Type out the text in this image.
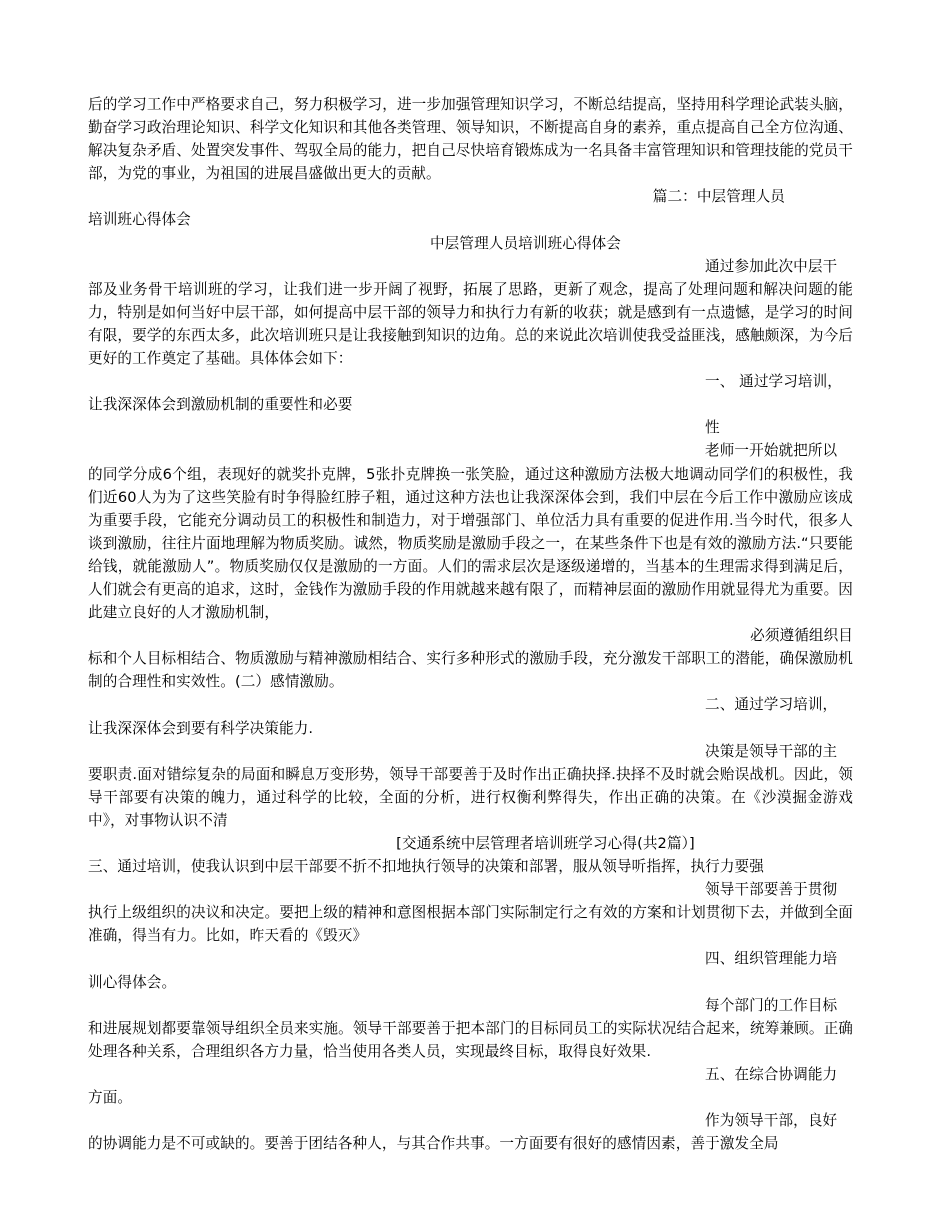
后的学习工作中严格要求自己，努力积极学习，进一步加强管理知识学习，不断总结提高，坚持用科学理论武装头脑，勤奋学习政治理论知识、科学文化知识和其他各类管理、领导知识，不断提高自身的素养，重点提高自己全方位沟通、解决复杂矛盾、处置突发事件、驾驭全局的能力，把自己尽快培育锻炼成为一名具备丰富管理知识和管理技能的党员干部，为党的事业，为祖国的进展昌盛做出更大的贡献。
篇二：中层管理人员
培训班心得体会
中层管理人员培训班心得体会
通过参加此次中层干
部及业务骨干培训班的学习，让我们进一步开阔了视野，拓展了思路，更新了观念，提高了处理问题和解决问题的能力，特别是如何当好中层干部，如何提高中层干部的领导力和执行力有新的收获；就是感到有一点遗憾，是学习的时间有限，要学的东西太多，此次培训班只是让我接触到知识的边角。总的来说此次培训使我受益匪浅，感触颇深，为今后更好的工作奠定了基础。具体体会如下：
一、 通过学习培训，
让我深深体会到激励机制的重要性和必要
性
老师一开始就把所以
的同学分成6个组，表现好的就奖扑克牌，5张扑克牌换一张笑脸，通过这种激励方法极大地调动同学们的积极性，我们近60人为为了这些笑脸有时争得脸红脖子粗，通过这种方法也让我深深体会到，我们中层在今后工作中激励应该成为重要手段，它能充分调动员工的积极性和制造力，对于增强部门、单位活力具有重要的促进作用.当今时代，很多人谈到激励，往往片面地理解为物质奖励。诚然，物质奖励是激励手段之一，在某些条件下也是有效的激励方法.“只要能给钱，就能激励人”。物质奖励仅仅是激励的一方面。人们的需求层次是逐级递增的，当基本的生理需求得到满足后，人们就会有更高的追求，这时，金钱作为激励手段的作用就越来越有限了，而精神层面的激励作用就显得尤为重要。因此建立良好的人才激励机制，
必须遵循组织目
标和个人目标相结合、物质激励与精神激励相结合、实行多种形式的激励手段，充分激发干部职工的潜能，确保激励机制的合理性和实效性。(二）感情激励。
二、通过学习培训，
让我深深体会到要有科学决策能力.
决策是领导干部的主
要职责.面对错综复杂的局面和瞬息万变形势，领导干部要善于及时作出正确抉择.抉择不及时就会贻误战机。因此，领导干部要有决策的魄力，通过科学的比较，全面的分析，进行权衡利弊得失，作出正确的决策。在《沙漠掘金游戏中》，对事物认识不清
[交通系统中层管理者培训班学习心得(共2篇）]
三、通过培训，使我认识到中层干部要不折不扣地执行领导的决策和部署，服从领导听指挥，执行力要强
领导干部要善于贯彻
执行上级组织的决议和决定。要把上级的精神和意图根据本部门实际制定行之有效的方案和计划贯彻下去，并做到全面准确，得当有力。比如，昨天看的《毁灭》
四、组织管理能力培
训心得体会。
每个部门的工作目标
和进展规划都要靠领导组织全员来实施。领导干部要善于把本部门的目标同员工的实际状况结合起来，统筹兼顾。正确处理各种关系，合理组织各方力量，恰当使用各类人员，实现最终目标，取得良好效果.
五、在综合协调能力
方面。
作为领导干部，良好
的协调能力是不可或缺的。要善于团结各种人，与其合作共事。一方面要有很好的感情因素，善于激发全局
